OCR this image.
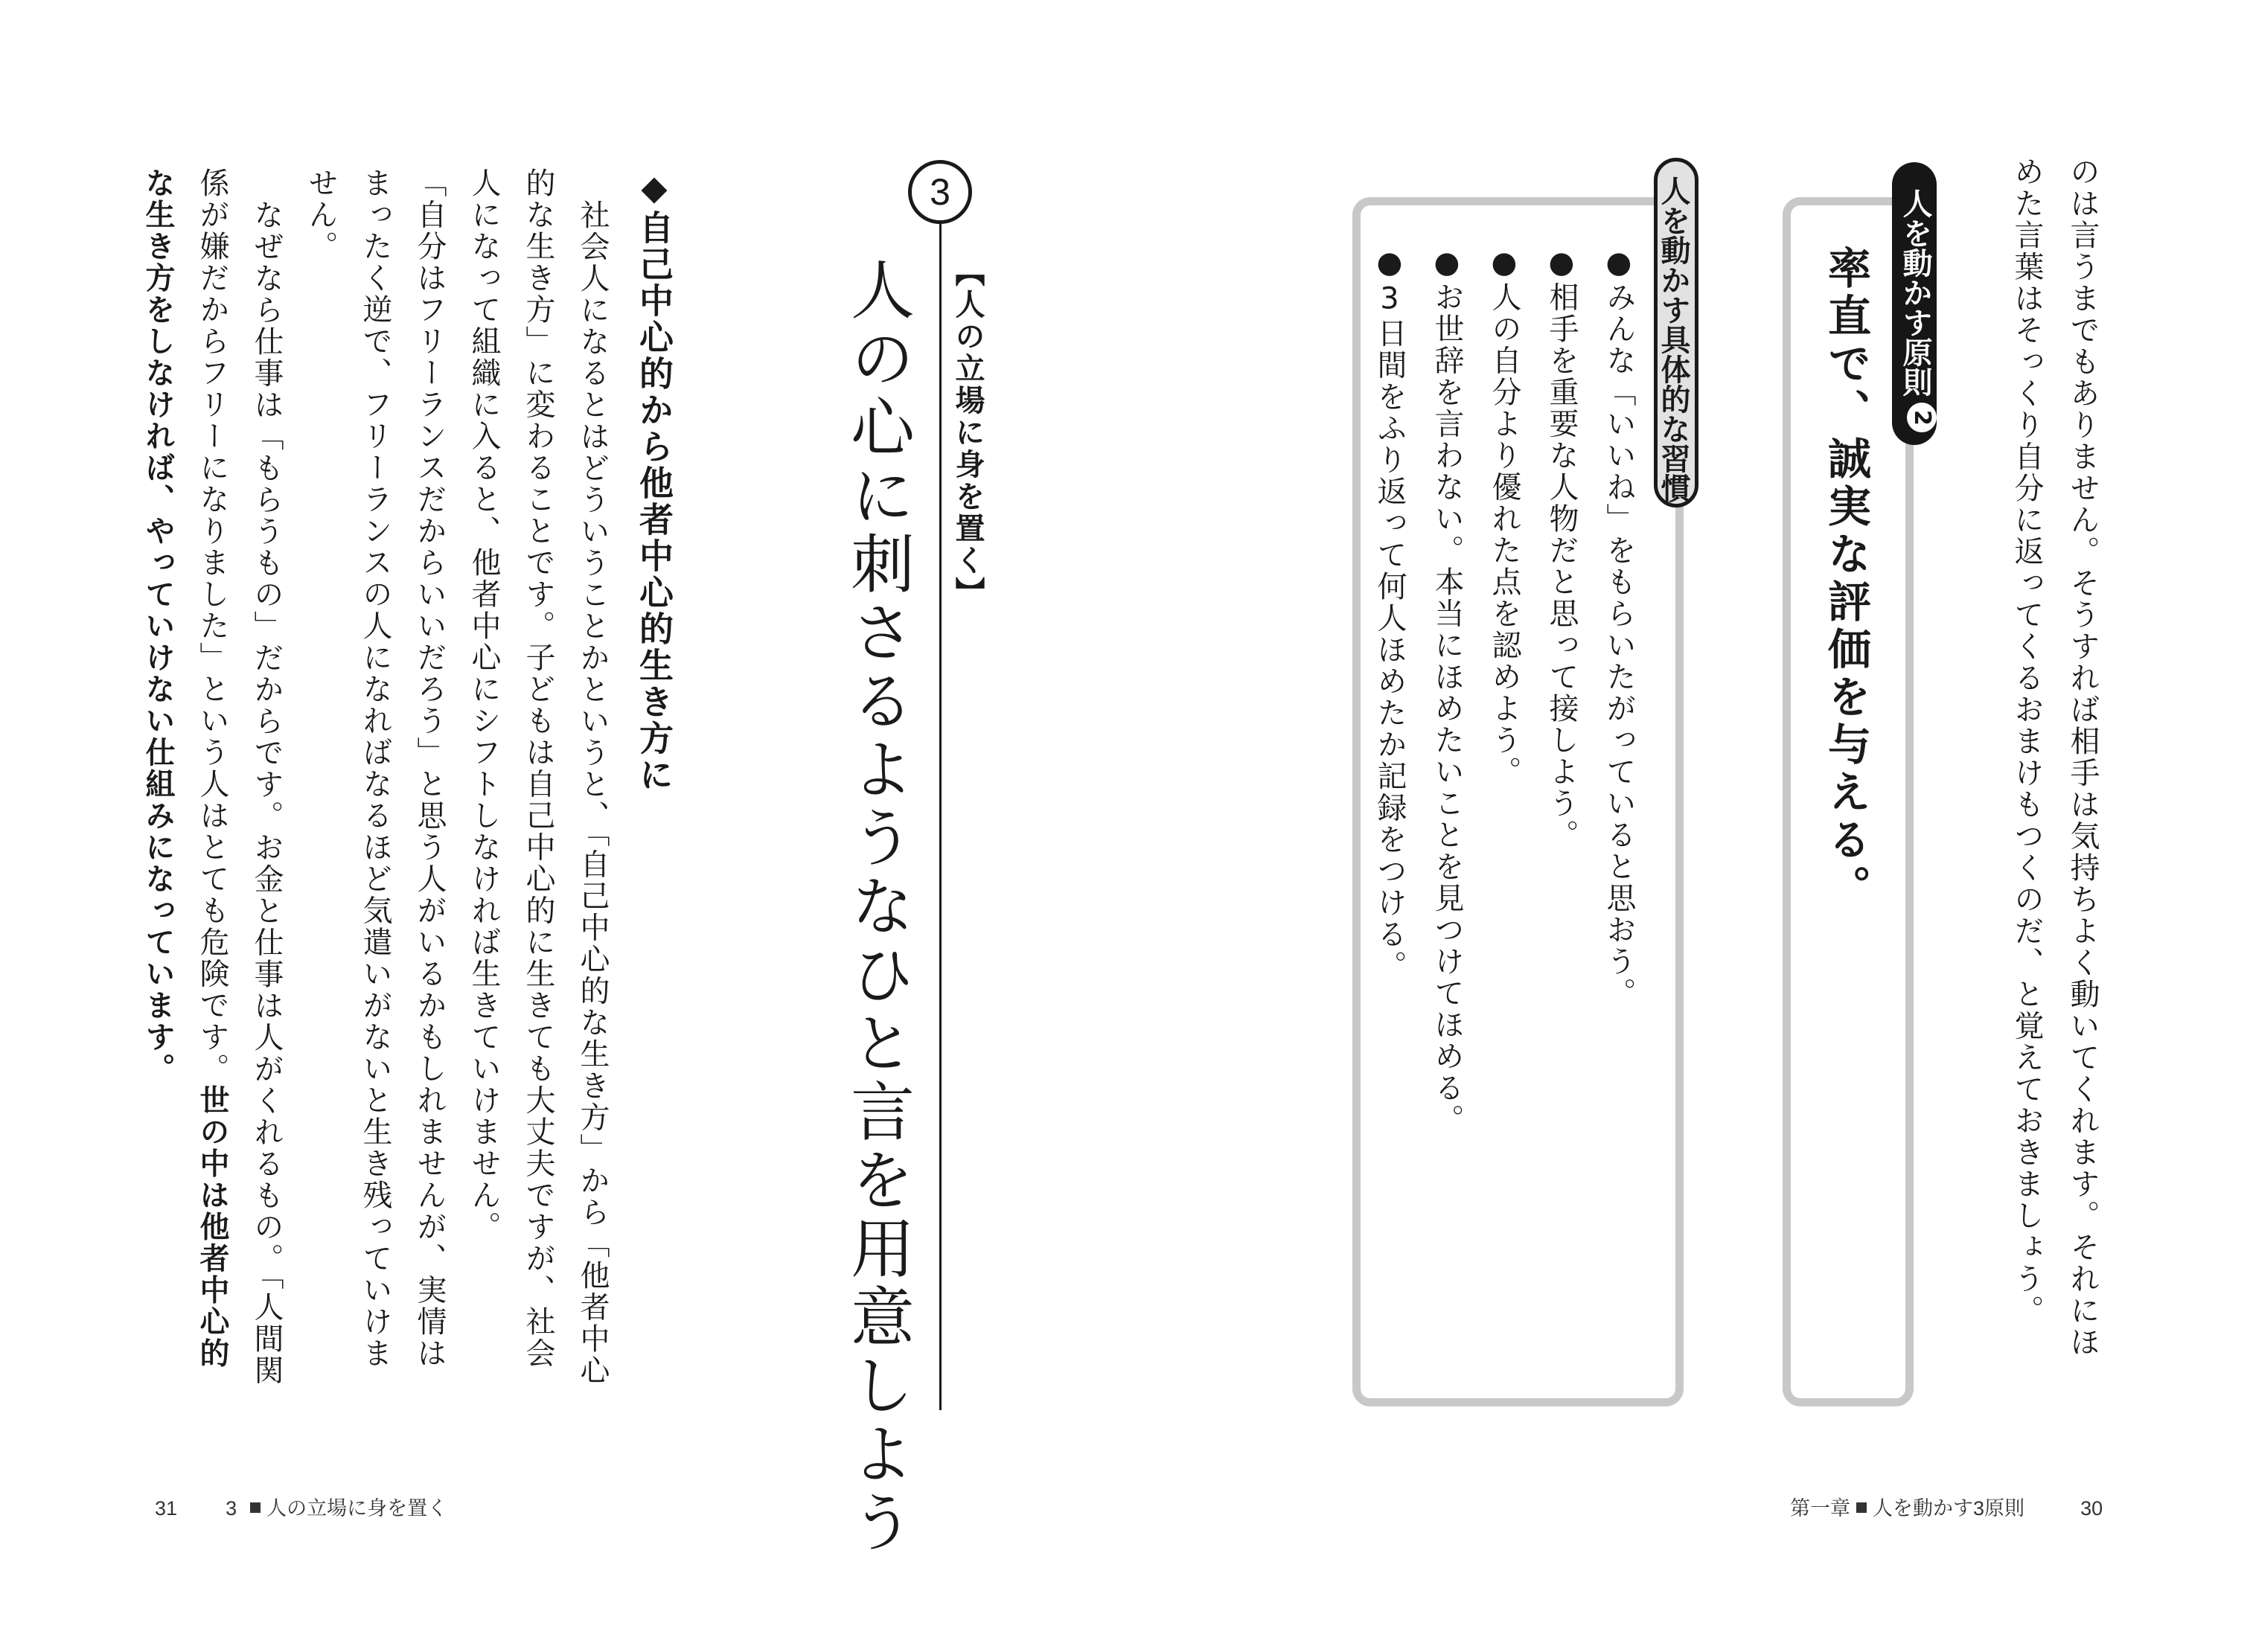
のは言うまでもありません。そうすれば相手は気持ちよく動いてくれます。それにほ
めた言葉はそっくり自分に返ってくるおまけもつくのだ、と覚えておきましょう。
人を動かす原則
2
率直で、誠実な評価を与える。
人を動かす具体的な習慣
●みんな「いいね」をもらいたがっていると思おう。
●相手を重要な人物だと思って接しよう。
●人の自分より優れた点を認めよう。
●お世辞を言わない。本当にほめたいことを見つけてほめる。
●3日間をふり返って何人ほめたか記録をつける。
第一章 人を動かす3原則	30
3
【人の立場に身を置く】
人の心に刺さるようなひと言を用意しよう
◆自己中心的から他者中心的生き方に
社会人になるとはどういうことかというと、「自己中心的な生き方」から「他者中心
的な生き方」に変わることです。子どもは自己中心的に生きても大丈夫ですが、社会
人になって組織に入ると、他者中心にシフトしなければ生きていけません。
「自分はフリーランスだからいいだろう」と思う人がいるかもしれませんが、実情は
まったく逆で、フリーランスの人になればなるほど気遣いがないと生き残っていけま
せん。
なぜなら仕事は「もらうもの」だからです。お金と仕事は人がくれるもの。「人間関
係が嫌だからフリーになりました」という人はとても危険です。世の中は他者中心的
な生き方をしなければ、やっていけない仕組みになっています。
31 3 人の立場に身を置く
